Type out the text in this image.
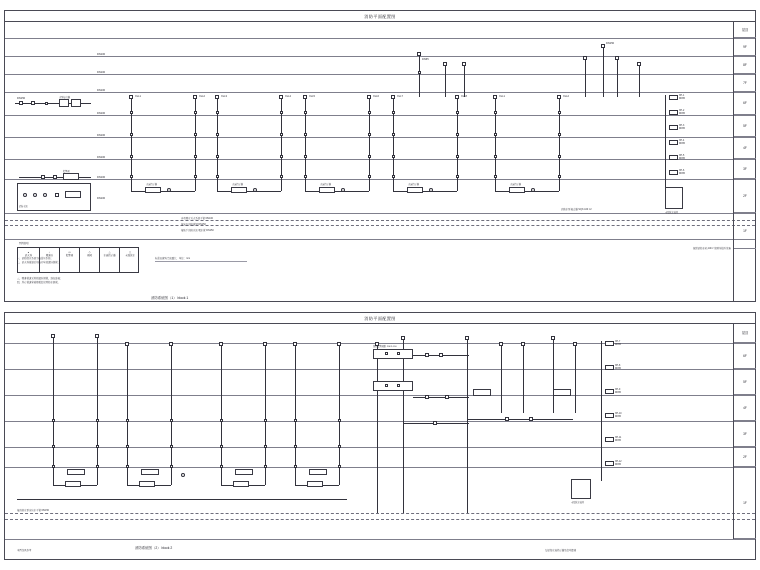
消防平面配置图
屋顶
9F
8F
7F
6F
5F
4F
3F
2F
1F
DN100
DN100
DN100
DN100
DN100
DN100
DN100
DN100
XH-1
水流指示器
XH-2	XH-3
水流指示器
XH-4	XH-5
水流指示器
XH-6	XH-7
水流指示器
XH-8	XH-1
水流指示器
XH-2
DN65
DN150
水泵接合器
DN150
报警阀
消防水池
XH-1
DN65
XH-2
DN65
XH-3
DN65
XH-4
DN65
XH-5
DN65
XH-6
DN65
末端试水装置
自动喷水灭火系统干管 DN100
接室外消防管网 DN150
接地下消防水池 吸水管 DN150
消防水泵接合器 SQX-100 ×2
屋顶消防水箱 18m³ 设增压稳压设备
●
消火栓
○
喷淋头
▭
报警阀
◇
闸阀
△
水流指示器
◻
末端试水
图例说明
一、消防给水系统为临高压系统；
二、消火栓管道采用内外壁热镀锌钢管；
三、喷淋管道采用热镀锌钢管，丝扣连接；
四、所有管道穿越楼板处设置防水套管。
标高以建筑完成面计，单位：mm
消防系统图（1） block 1
消防平面配置图
屋顶
6F
5F
4F
3F
2F
1F
湿式报警阀组 ZSFZ-150
XH-7
DN65
XH-8
DN65
XH-9
DN65
XH-10
DN65
XH-11
DN65
XH-12
DN65
末端试水装置
接消防水泵房出水干管 DN150
每层设水流指示器及信号蝶阀
本图仅供参考
消防系统图（2） block 2
